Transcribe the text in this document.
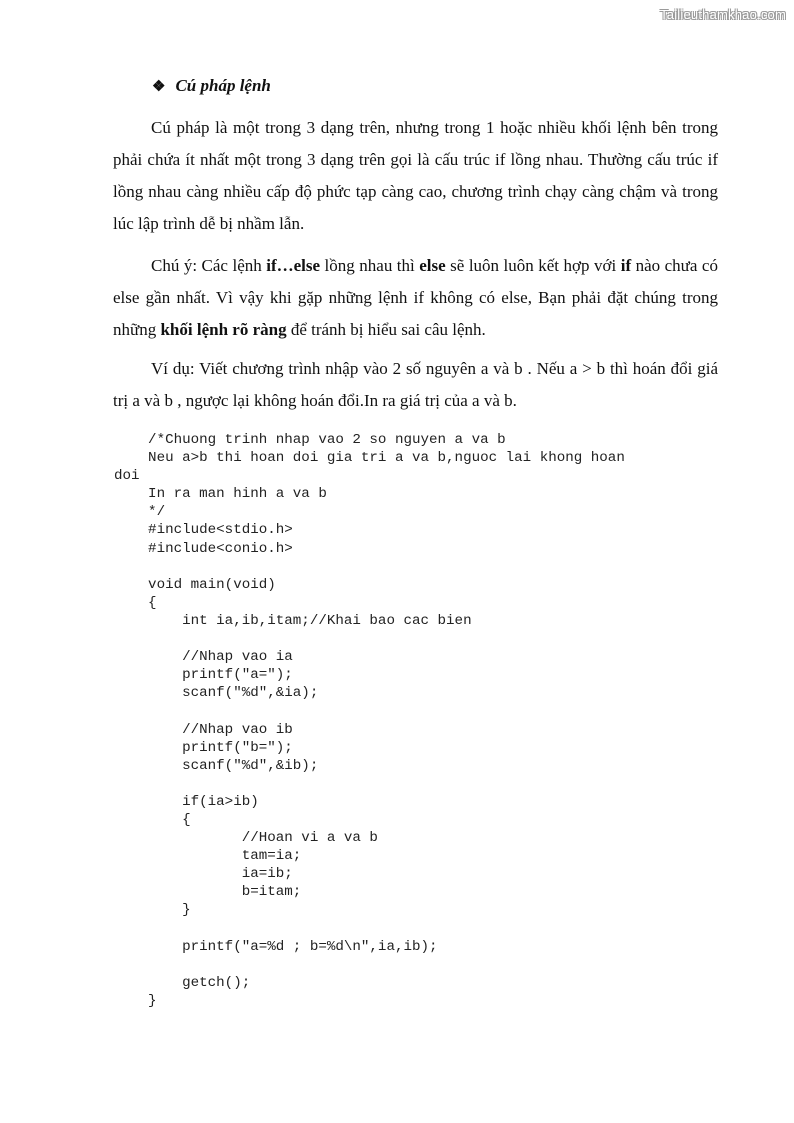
Tailieuthamkhao.com
❖ Cú pháp lệnh

Cú pháp là một trong 3 dạng trên, nhưng trong 1 hoặc nhiều khối lệnh bên trong phải chứa ít nhất một trong 3 dạng trên gọi là cấu trúc if lồng nhau. Thường cấu trúc if lồng nhau càng nhiều cấp độ phức tạp càng cao, chương trình chạy càng chậm và trong lúc lập trình dễ bị nhầm lẫn.

Chú ý: Các lệnh if…else lồng nhau thì else sẽ luôn luôn kết hợp với if nào chưa có else gần nhất. Vì vậy khi gặp những lệnh if không có else, Bạn phải đặt chúng trong những khối lệnh rõ ràng để tránh bị hiểu sai câu lệnh.

Ví dụ: Viết chương trình nhập vào 2 số nguyên a và b . Nếu a > b thì hoán đổi giá trị a và b , ngược lại không hoán đổi.In ra giá trị của a và b.

/*Chuong trinh nhap vao 2 so nguyen a va b
Neu a>b thi hoan doi gia tri a va b,nguoc lai khong hoan
doi
In ra man hinh a va b
*/
#include<stdio.h>
#include<conio.h>
void main(void)
{
int ia,ib,itam;//Khai bao cac bien
//Nhap vao ia
printf("a=");
scanf("%d",&ia);
//Nhap vao ib
printf("b=");
scanf("%d",&ib);
if(ia>ib)
{
//Hoan vi a va b
tam=ia;
ia=ib;
b=itam;
}
printf("a=%d ; b=%d\n",ia,ib);
getch();
}
